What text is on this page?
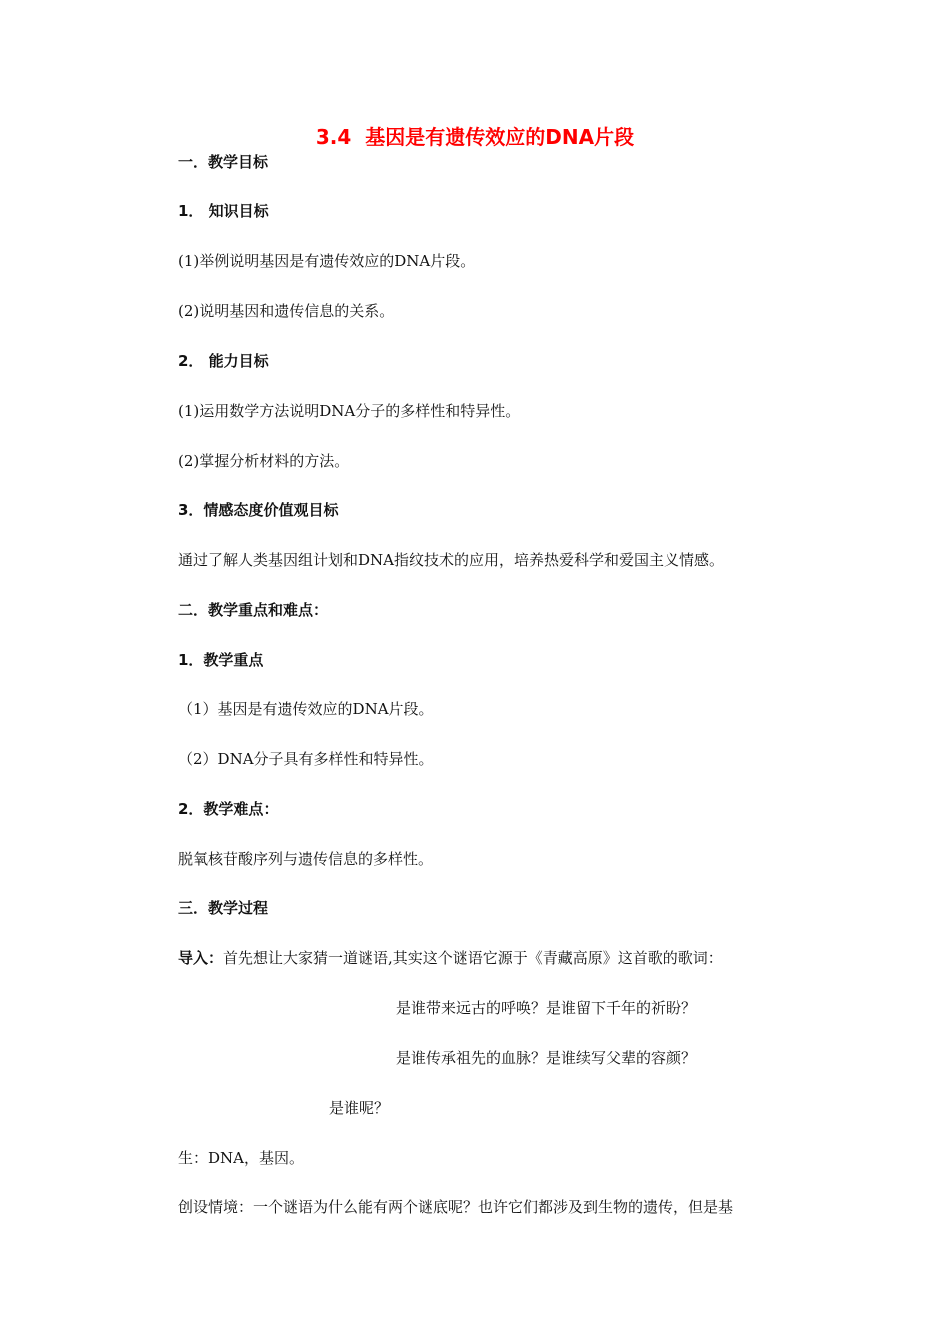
3.4 基因是有遗传效应的DNA片段
一．教学目标
1． 知识目标
(1)举例说明基因是有遗传效应的DNA片段。
(2)说明基因和遗传信息的关系。
2． 能力目标
(1)运用数学方法说明DNA分子的多样性和特异性。
(2)掌握分析材料的方法。
3．情感态度价值观目标
通过了解人类基因组计划和DNA指纹技术的应用，培养热爱科学和爱国主义情感。
二．教学重点和难点：
1．教学重点
（1）基因是有遗传效应的DNA片段。
（2）DNA分子具有多样性和特异性。
2．教学难点：
脱氧核苷酸序列与遗传信息的多样性。
三．教学过程
导入：首先想让大家猜一道谜语,其实这个谜语它源于《青藏高原》这首歌的歌词：
是谁带来远古的呼唤？是谁留下千年的祈盼？
是谁传承祖先的血脉？是谁续写父辈的容颜？
是谁呢？
生：DNA，基因。
创设情境：一个谜语为什么能有两个谜底呢？也许它们都涉及到生物的遗传，但是基
